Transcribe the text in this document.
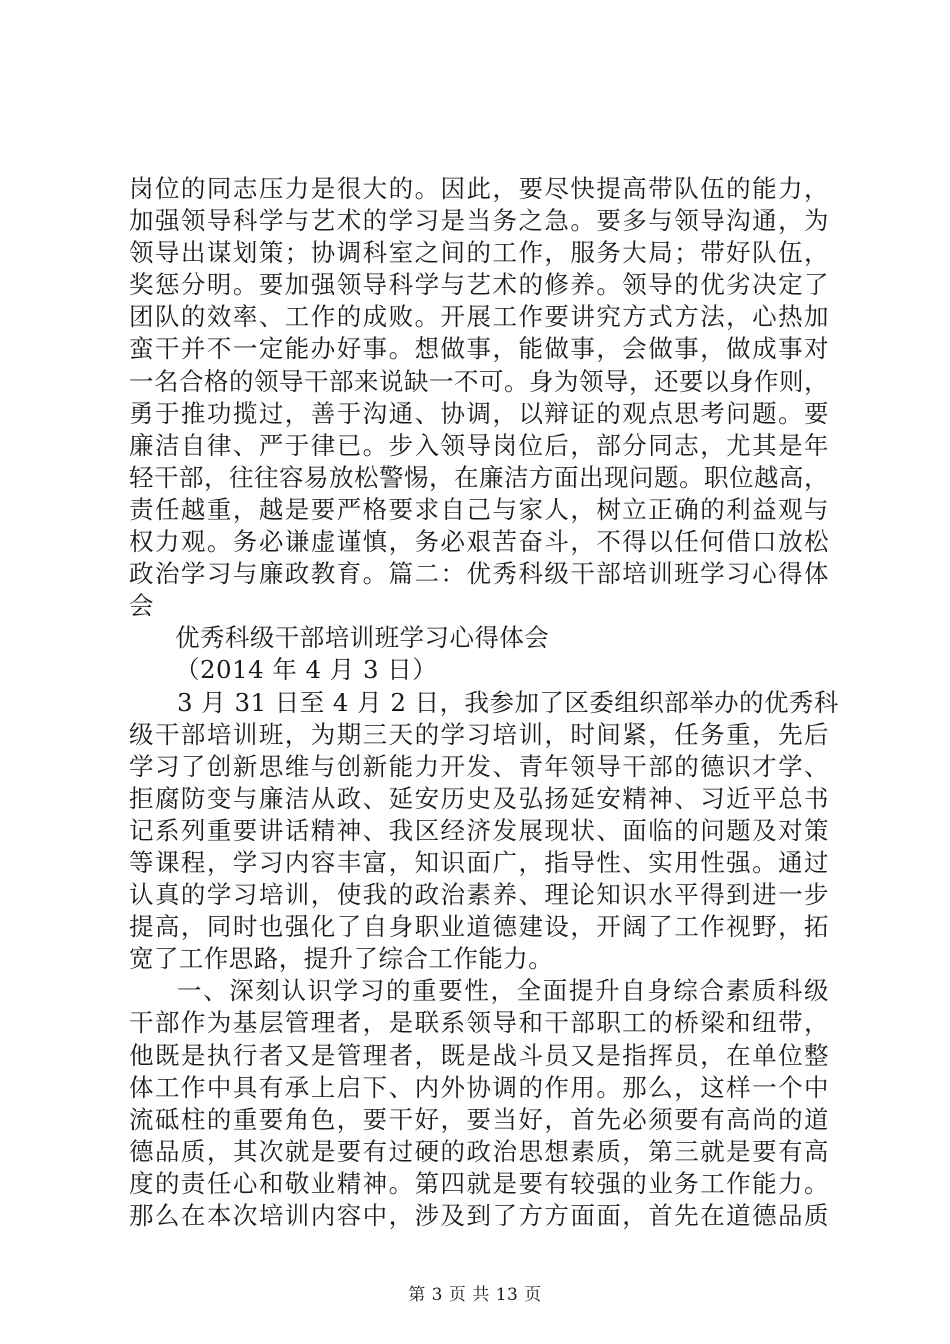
岗位的同志压力是很大的。因此，要尽快提高带队伍的能力，
加强领导科学与艺术的学习是当务之急。要多与领导沟通，为
领导出谋划策；协调科室之间的工作，服务大局；带好队伍，
奖惩分明。要加强领导科学与艺术的修养。领导的优劣决定了
团队的效率、工作的成败。开展工作要讲究方式方法，心热加
蛮干并不一定能办好事。想做事，能做事，会做事，做成事对
一名合格的领导干部来说缺一不可。身为领导，还要以身作则，
勇于推功揽过，善于沟通、协调，以辩证的观点思考问题。要
廉洁自律、严于律已。步入领导岗位后，部分同志，尤其是年
轻干部，往往容易放松警惕，在廉洁方面出现问题。职位越高，
责任越重，越是要严格要求自己与家人，树立正确的利益观与
权力观。务必谦虚谨慎，务必艰苦奋斗，不得以任何借口放松
政治学习与廉政教育。篇二：优秀科级干部培训班学习心得体
会
优秀科级干部培训班学习心得体会
（2014 年 4 月 3 日）
3 月 31 日至 4 月 2 日，我参加了区委组织部举办的优秀科
级干部培训班，为期三天的学习培训，时间紧，任务重，先后
学习了创新思维与创新能力开发、青年领导干部的德识才学、
拒腐防变与廉洁从政、延安历史及弘扬延安精神、习近平总书
记系列重要讲话精神、我区经济发展现状、面临的问题及对策
等课程，学习内容丰富，知识面广，指导性、实用性强。通过
认真的学习培训，使我的政治素养、理论知识水平得到进一步
提高，同时也强化了自身职业道德建设，开阔了工作视野，拓
宽了工作思路，提升了综合工作能力。
一、深刻认识学习的重要性，全面提升自身综合素质科级
干部作为基层管理者，是联系领导和干部职工的桥梁和纽带，
他既是执行者又是管理者，既是战斗员又是指挥员，在单位整
体工作中具有承上启下、内外协调的作用。那么，这样一个中
流砥柱的重要角色，要干好，要当好，首先必须要有高尚的道
德品质，其次就是要有过硬的政治思想素质，第三就是要有高
度的责任心和敬业精神。第四就是要有较强的业务工作能力。
那么在本次培训内容中，涉及到了方方面面，首先在道德品质
第 3 页 共 13 页
